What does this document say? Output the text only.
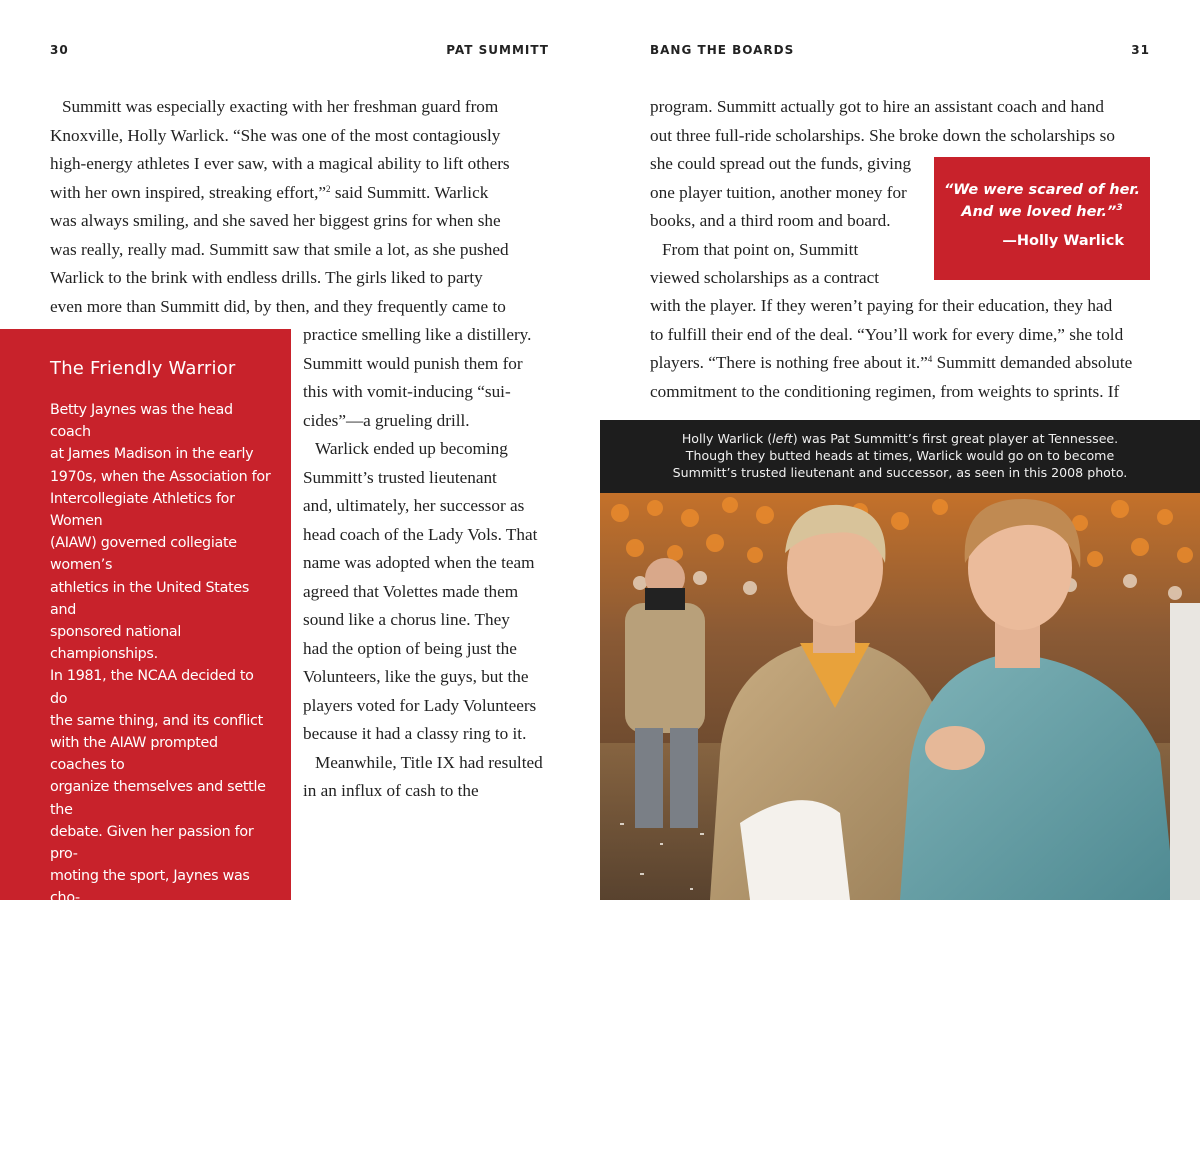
30	PAT SUMMITT	BANG THE BOARDS	31

Summitt was especially exacting with her freshman guard from

Knoxville, Holly Warlick. “She was one of the most contagiously

high-energy athletes I ever saw, with a magical ability to lift others

with her own inspired, streaking effort,”$^2$ said Summitt. Warlick

was always smiling, and she saved her biggest grins for when she

was really, really mad. Summitt saw that smile a lot, as she pushed

Warlick to the brink with endless drills. The girls liked to party

even more than Summitt did, by then, and they frequently came to

practice smelling like a distillery.

Summitt would punish them for

this with vomit-inducing “sui-

cides”—a grueling drill.

Warlick ended up becoming

Summitt’s trusted lieutenant

and, ultimately, her successor as

head coach of the Lady Vols. That

name was adopted when the team

agreed that Volettes made them

sound like a chorus line. They

had the option of being just the

Volunteers, like the guys, but the

players voted for Lady Volunteers

because it had a classy ring to it.

Meanwhile, Title IX had resulted

in an influx of cash to the

The Friendly Warrior

Betty Jaynes was the head coach

at James Madison in the early

1970s, when the Association for

Intercollegiate Athletics for Women

(AIAW) governed collegiate women’s

athletics in the United States and

sponsored national championships.

In 1981, the NCAA decided to do

the same thing, and its conflict

with the AIAW prompted coaches to

organize themselves and settle the

debate. Given her passion for pro-

moting the sport, Jaynes was cho-

sen to lead the Women’s Basketball

Coaches Association as executive

director, a position she held for

fifteen years. Though she dedicated

her life to the fight for equality,

Jaynes was known for her soft voice

and ever-present smile.

program. Summitt actually got to hire an assistant coach and hand

out three full-ride scholarships. She broke down the scholarships so

she could spread out the funds, giving

one player tuition, another money for

books, and a third room and board.

From that point on, Summitt

viewed scholarships as a contract

with the player. If they weren’t paying for their education, they had

to fulfill their end of the deal. “You’ll work for every dime,” she told

players. “There is nothing free about it.”$^4$ Summitt demanded absolute

commitment to the conditioning regimen, from weights to sprints. If

“We were scared of her.
And we loved her.”$^3$
—Holly Warlick

Holly Warlick (left) was Pat Summitt’s first great player at Tennessee. Though they butted heads at times, Warlick would go on to become Summitt’s trusted lieutenant and successor, as seen in this 2008 photo.
